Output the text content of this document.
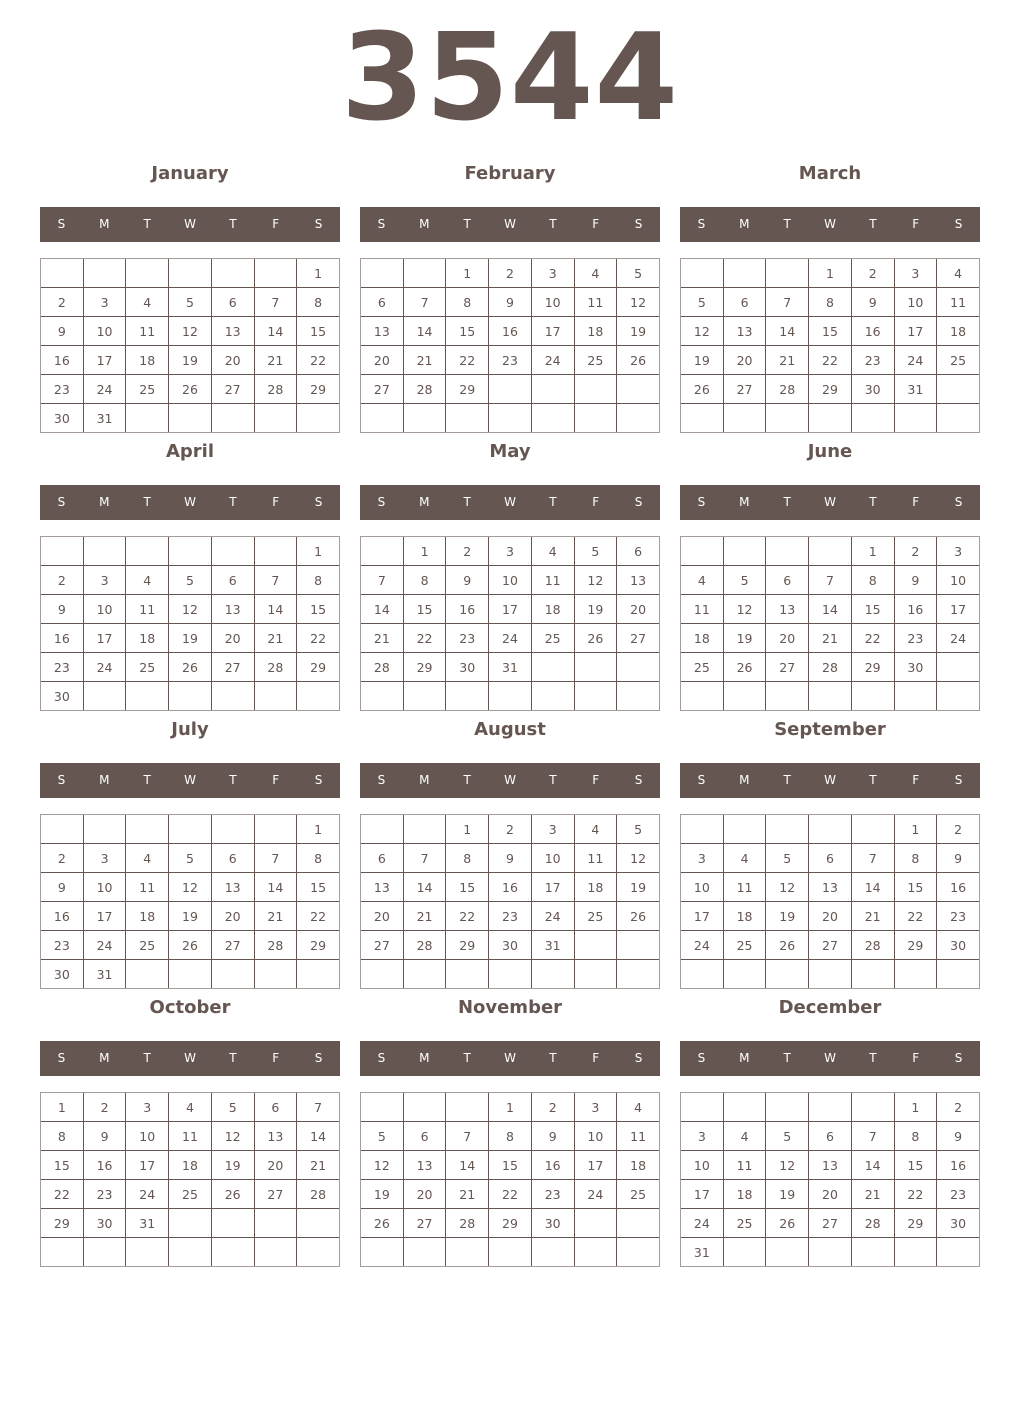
3544
January
S	M	T	W	T	F	S
						1
2	3	4	5	6	7	8
9	10	11	12	13	14	15
16	17	18	19	20	21	22
23	24	25	26	27	28	29
30	31					
February
S	M	T	W	T	F	S
		1	2	3	4	5
6	7	8	9	10	11	12
13	14	15	16	17	18	19
20	21	22	23	24	25	26
27	28	29				

March
S	M	T	W	T	F	S
			1	2	3	4
5	6	7	8	9	10	11
12	13	14	15	16	17	18
19	20	21	22	23	24	25
26	27	28	29	30	31	

April
S	M	T	W	T	F	S
						1
2	3	4	5	6	7	8
9	10	11	12	13	14	15
16	17	18	19	20	21	22
23	24	25	26	27	28	29
30						
May
S	M	T	W	T	F	S
	1	2	3	4	5	6
7	8	9	10	11	12	13
14	15	16	17	18	19	20
21	22	23	24	25	26	27
28	29	30	31			

June
S	M	T	W	T	F	S
				1	2	3
4	5	6	7	8	9	10
11	12	13	14	15	16	17
18	19	20	21	22	23	24
25	26	27	28	29	30	

July
S	M	T	W	T	F	S
						1
2	3	4	5	6	7	8
9	10	11	12	13	14	15
16	17	18	19	20	21	22
23	24	25	26	27	28	29
30	31					
August
S	M	T	W	T	F	S
		1	2	3	4	5
6	7	8	9	10	11	12
13	14	15	16	17	18	19
20	21	22	23	24	25	26
27	28	29	30	31		

September
S	M	T	W	T	F	S
					1	2
3	4	5	6	7	8	9
10	11	12	13	14	15	16
17	18	19	20	21	22	23
24	25	26	27	28	29	30

October
S	M	T	W	T	F	S
1	2	3	4	5	6	7
8	9	10	11	12	13	14
15	16	17	18	19	20	21
22	23	24	25	26	27	28
29	30	31				

November
S	M	T	W	T	F	S
			1	2	3	4
5	6	7	8	9	10	11
12	13	14	15	16	17	18
19	20	21	22	23	24	25
26	27	28	29	30		

December
S	M	T	W	T	F	S
					1	2
3	4	5	6	7	8	9
10	11	12	13	14	15	16
17	18	19	20	21	22	23
24	25	26	27	28	29	30
31						
